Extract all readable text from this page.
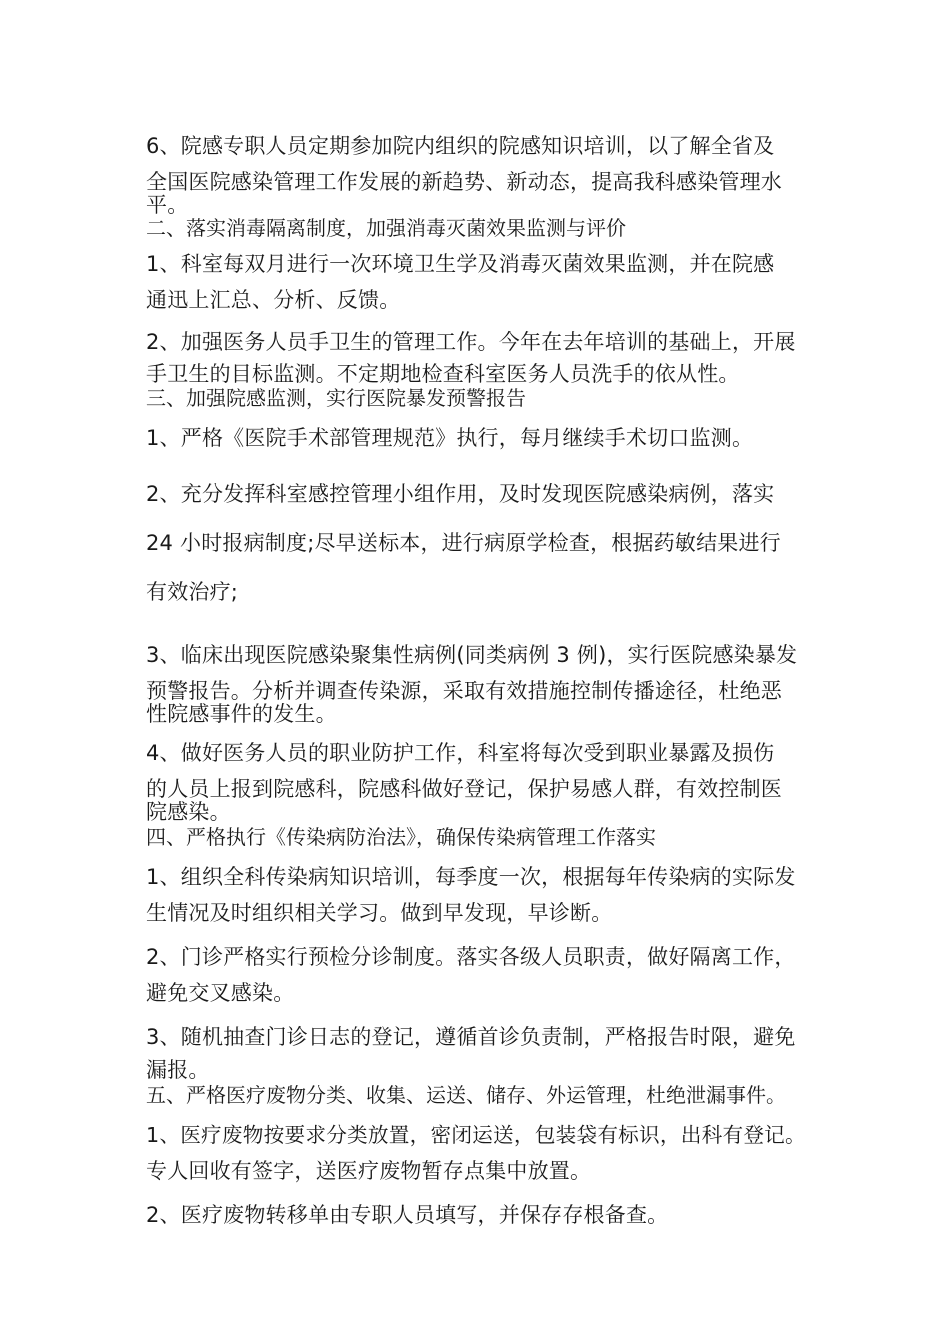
6、院感专职人员定期参加院内组织的院感知识培训，以了解全省及
全国医院感染管理工作发展的新趋势、新动态，提高我科感染管理水
平。

二、落实消毒隔离制度，加强消毒灭菌效果监测与评价

1、科室每双月进行一次环境卫生学及消毒灭菌效果监测，并在院感
通迅上汇总、分析、反馈。

2、加强医务人员手卫生的管理工作。今年在去年培训的基础上，开展
手卫生的目标监测。不定期地检查科室医务人员洗手的依从性。

三、加强院感监测，实行医院暴发预警报告

1、严格《医院手术部管理规范》执行，每月继续手术切口监测。

2、充分发挥科室感控管理小组作用，及时发现医院感染病例，落实
24 小时报病制度;尽早送标本，进行病原学检查，根据药敏结果进行
有效治疗;

3、临床出现医院感染聚集性病例(同类病例 3 例)，实行医院感染暴发
预警报告。分析并调查传染源，采取有效措施控制传播途径，杜绝恶
性院感事件的发生。

4、做好医务人员的职业防护工作，科室将每次受到职业暴露及损伤
的人员上报到院感科，院感科做好登记，保护易感人群，有效控制医
院感染。

四、严格执行《传染病防治法》，确保传染病管理工作落实

1、组织全科传染病知识培训，每季度一次，根据每年传染病的实际发
生情况及时组织相关学习。做到早发现，早诊断。

2、门诊严格实行预检分诊制度。落实各级人员职责，做好隔离工作，
避免交叉感染。

3、随机抽查门诊日志的登记，遵循首诊负责制，严格报告时限，避免
漏报。

五、严格医疗废物分类、收集、运送、储存、外运管理，杜绝泄漏事件。

1、医疗废物按要求分类放置，密闭运送，包装袋有标识，出科有登记。
专人回收有签字，送医疗废物暂存点集中放置。

2、医疗废物转移单由专职人员填写，并保存存根备查。
